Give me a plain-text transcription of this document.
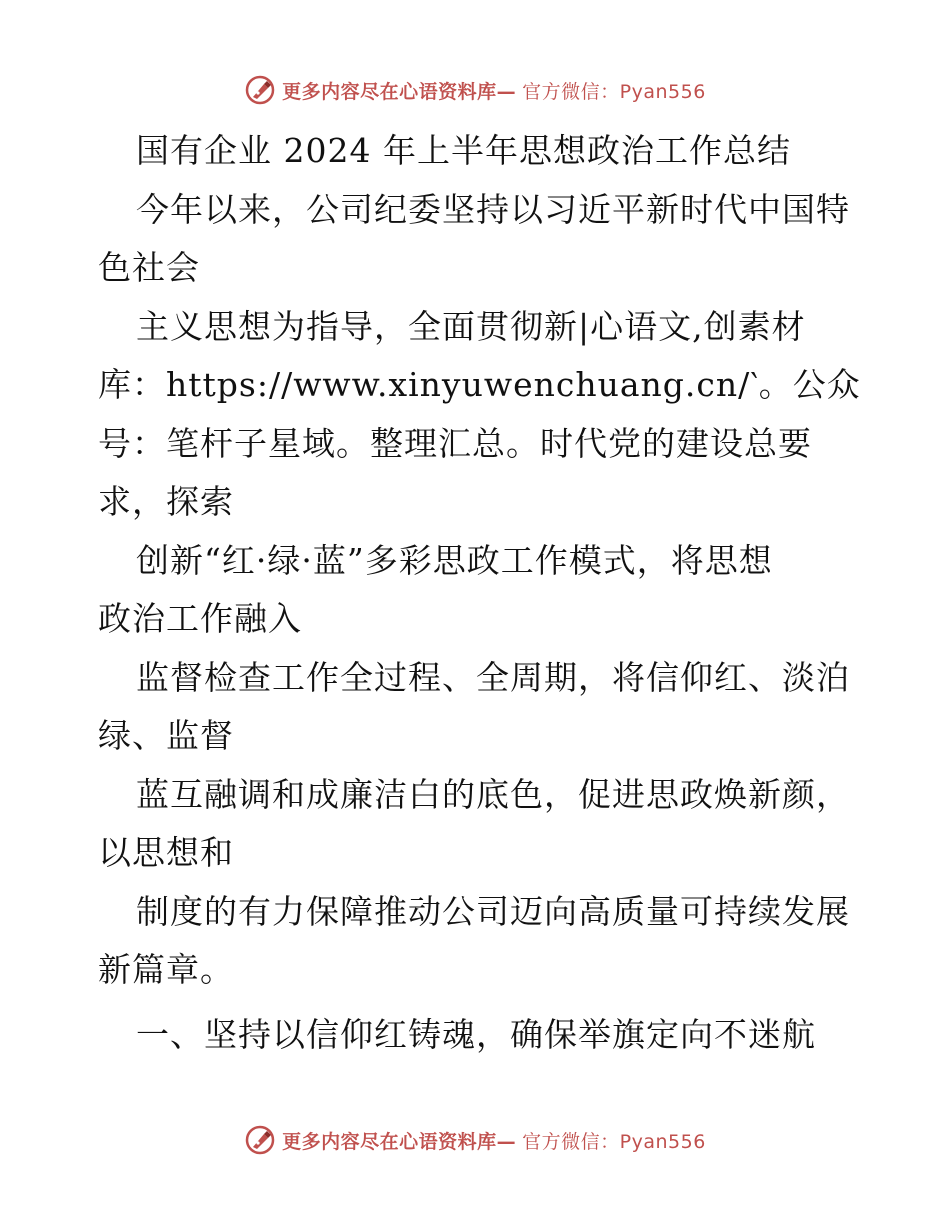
更多内容尽在心语资料库— 官方微信：Pyan556
国有企业 2024 年上半年思想政治工作总结
今年以来，公司纪委坚持以习近平新时代中国特
色社会
主义思想为指导，全面贯彻新|心语文,创素材
库：https://www.xinyuwenchuang.cn/‵。公众
号：笔杆子星域。整理汇总。时代党的建设总要
求，探索
创新“红·绿·蓝”多彩思政工作模式，将思想
政治工作融入
监督检查工作全过程、全周期，将信仰红、淡泊
绿、监督
蓝互融调和成廉洁白的底色，促进思政焕新颜，
以思想和
制度的有力保障推动公司迈向高质量可持续发展
新篇章。
一、坚持以信仰红铸魂，确保举旗定向不迷航
更多内容尽在心语资料库— 官方微信：Pyan556
